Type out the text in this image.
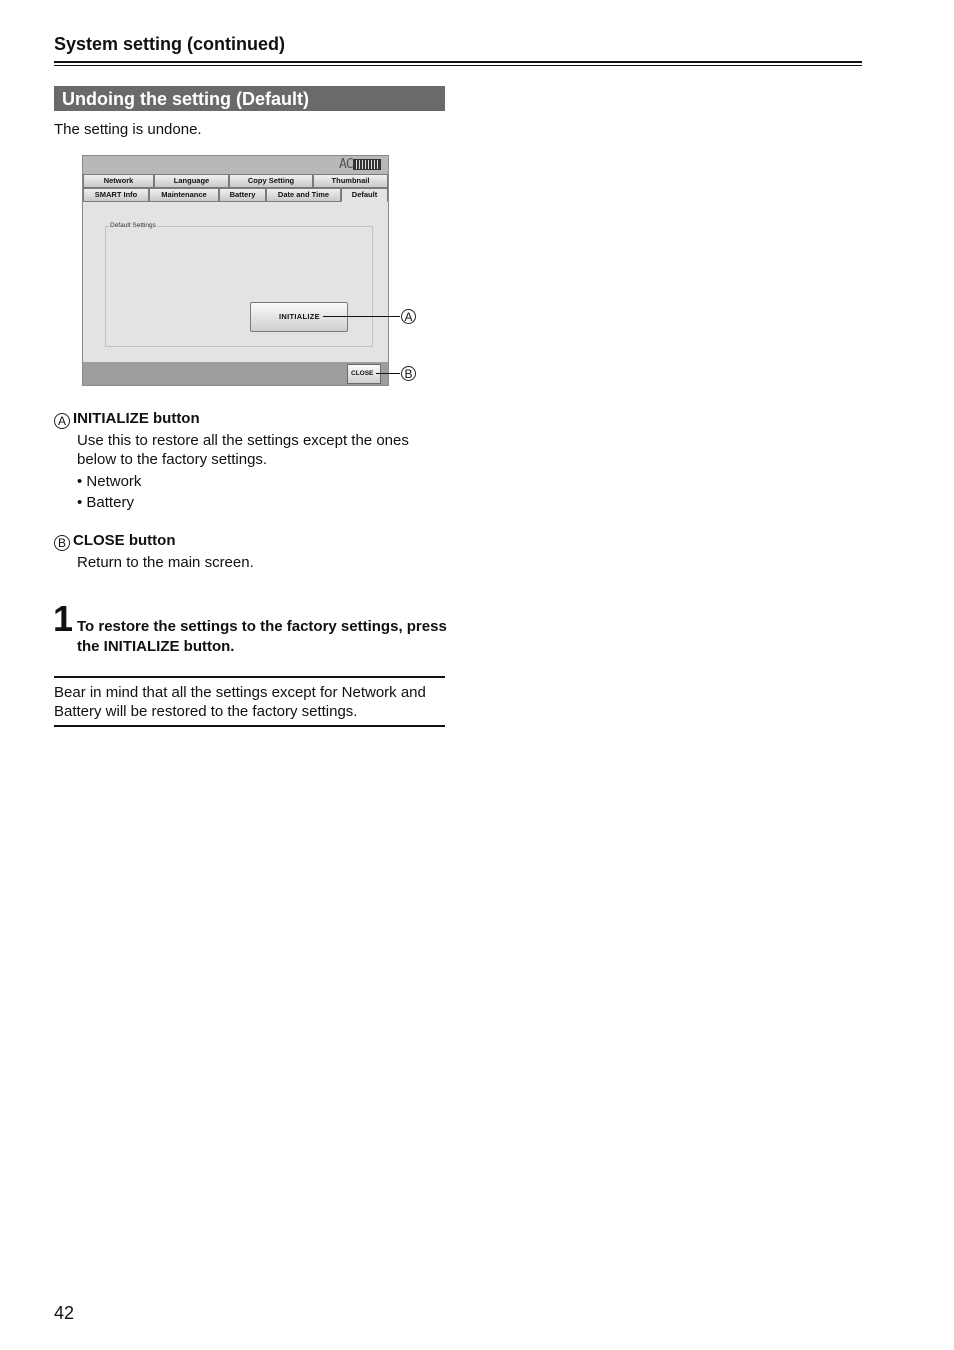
System setting (continued)
Undoing the setting (Default)
The setting is undone.
AC
Network	Language	Copy Setting	Thumbnail
SMART Info	Maintenance	Battery	Date and Time	Default
Default Settings
INITIALIZE
CLOSE
A
B
A INITIALIZE button
Use this to restore all the settings except the ones below to the factory settings.
• Network
• Battery
B CLOSE button
Return to the main screen.
1 To restore the settings to the factory settings, press the INITIALIZE button.
Bear in mind that all the settings except for Network and Battery will be restored to the factory settings.
42
